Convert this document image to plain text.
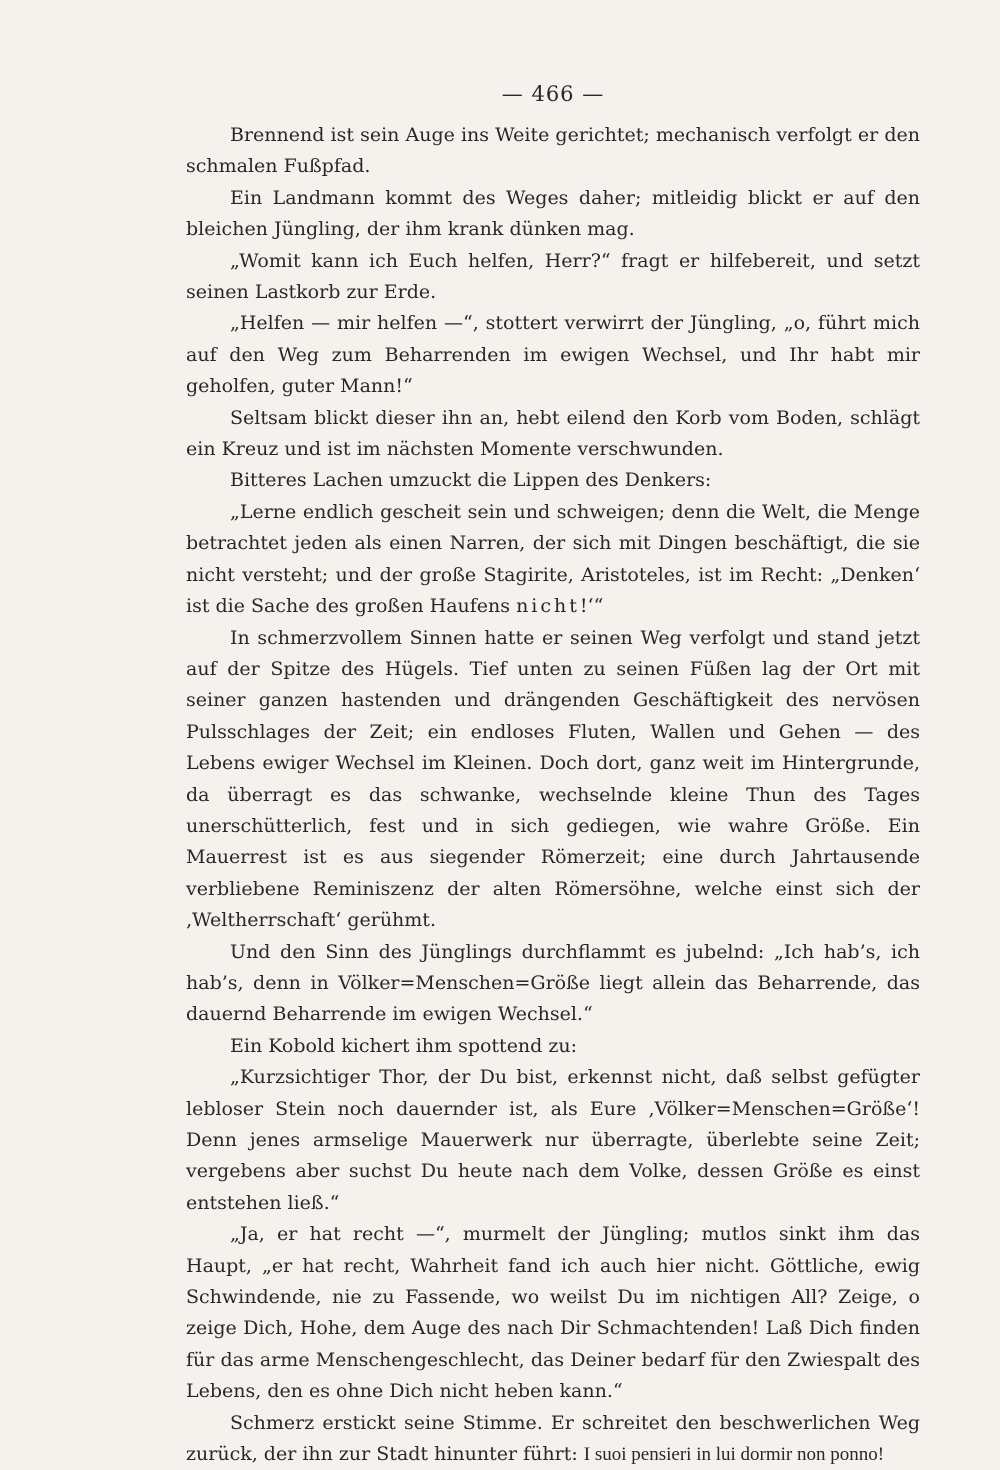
— 466 —

Brennend ist sein Auge ins Weite gerichtet; mechanisch verfolgt er den schmalen Fußpfad.

Ein Landmann kommt des Weges daher; mitleidig blickt er auf den bleichen Jüngling, der ihm krank dünken mag.

„Womit kann ich Euch helfen, Herr?“ fragt er hilfebereit, und setzt seinen Lastkorb zur Erde.

„Helfen — mir helfen —“, stottert verwirrt der Jüngling, „o, führt mich auf den Weg zum Beharrenden im ewigen Wechsel, und Ihr habt mir geholfen, guter Mann!“

Seltsam blickt dieser ihn an, hebt eilend den Korb vom Boden, schlägt ein Kreuz und ist im nächsten Momente verschwunden.

Bitteres Lachen umzuckt die Lippen des Denkers:

„Lerne endlich gescheit sein und schweigen; denn die Welt, die Menge betrachtet jeden als einen Narren, der sich mit Dingen beschäftigt, die sie nicht versteht; und der große Stagirite, Aristoteles, ist im Recht: „Denken‘ ist die Sache des großen Haufens nicht!‘“

In schmerzvollem Sinnen hatte er seinen Weg verfolgt und stand jetzt auf der Spitze des Hügels. Tief unten zu seinen Füßen lag der Ort mit seiner ganzen hastenden und drängenden Geschäftigkeit des nervösen Pulsschlages der Zeit; ein endloses Fluten, Wallen und Gehen — des Lebens ewiger Wechsel im Kleinen. Doch dort, ganz weit im Hintergrunde, da überragt es das schwanke, wechselnde kleine Thun des Tages unerschütterlich, fest und in sich gediegen, wie wahre Größe. Ein Mauerrest ist es aus siegender Römerzeit; eine durch Jahrtausende verbliebene Reminiszenz der alten Römersöhne, welche einst sich der ‚Weltherrschaft‘ gerühmt.

Und den Sinn des Jünglings durchflammt es jubelnd: „Ich hab’s, ich hab’s, denn in Völker=Menschen=Größe liegt allein das Beharrende, das dauernd Beharrende im ewigen Wechsel.“

Ein Kobold kichert ihm spottend zu:

„Kurzsichtiger Thor, der Du bist, erkennst nicht, daß selbst gefügter lebloser Stein noch dauernder ist, als Eure ‚Völker=Menschen=Größe‘! Denn jenes armselige Mauerwerk nur überragte, überlebte seine Zeit; vergebens aber suchst Du heute nach dem Volke, dessen Größe es einst entstehen ließ.“

„Ja, er hat recht —“, murmelt der Jüngling; mutlos sinkt ihm das Haupt, „er hat recht, Wahrheit fand ich auch hier nicht. Göttliche, ewig Schwindende, nie zu Fassende, wo weilst Du im nichtigen All? Zeige, o zeige Dich, Hohe, dem Auge des nach Dir Schmachtenden! Laß Dich finden für das arme Menschengeschlecht, das Deiner bedarf für den Zwiespalt des Lebens, den es ohne Dich nicht heben kann.“

Schmerz erstickt seine Stimme. Er schreitet den beschwerlichen Weg zurück, der ihn zur Stadt hinunter führt: I suoi pensieri in lui dormir non ponno!
